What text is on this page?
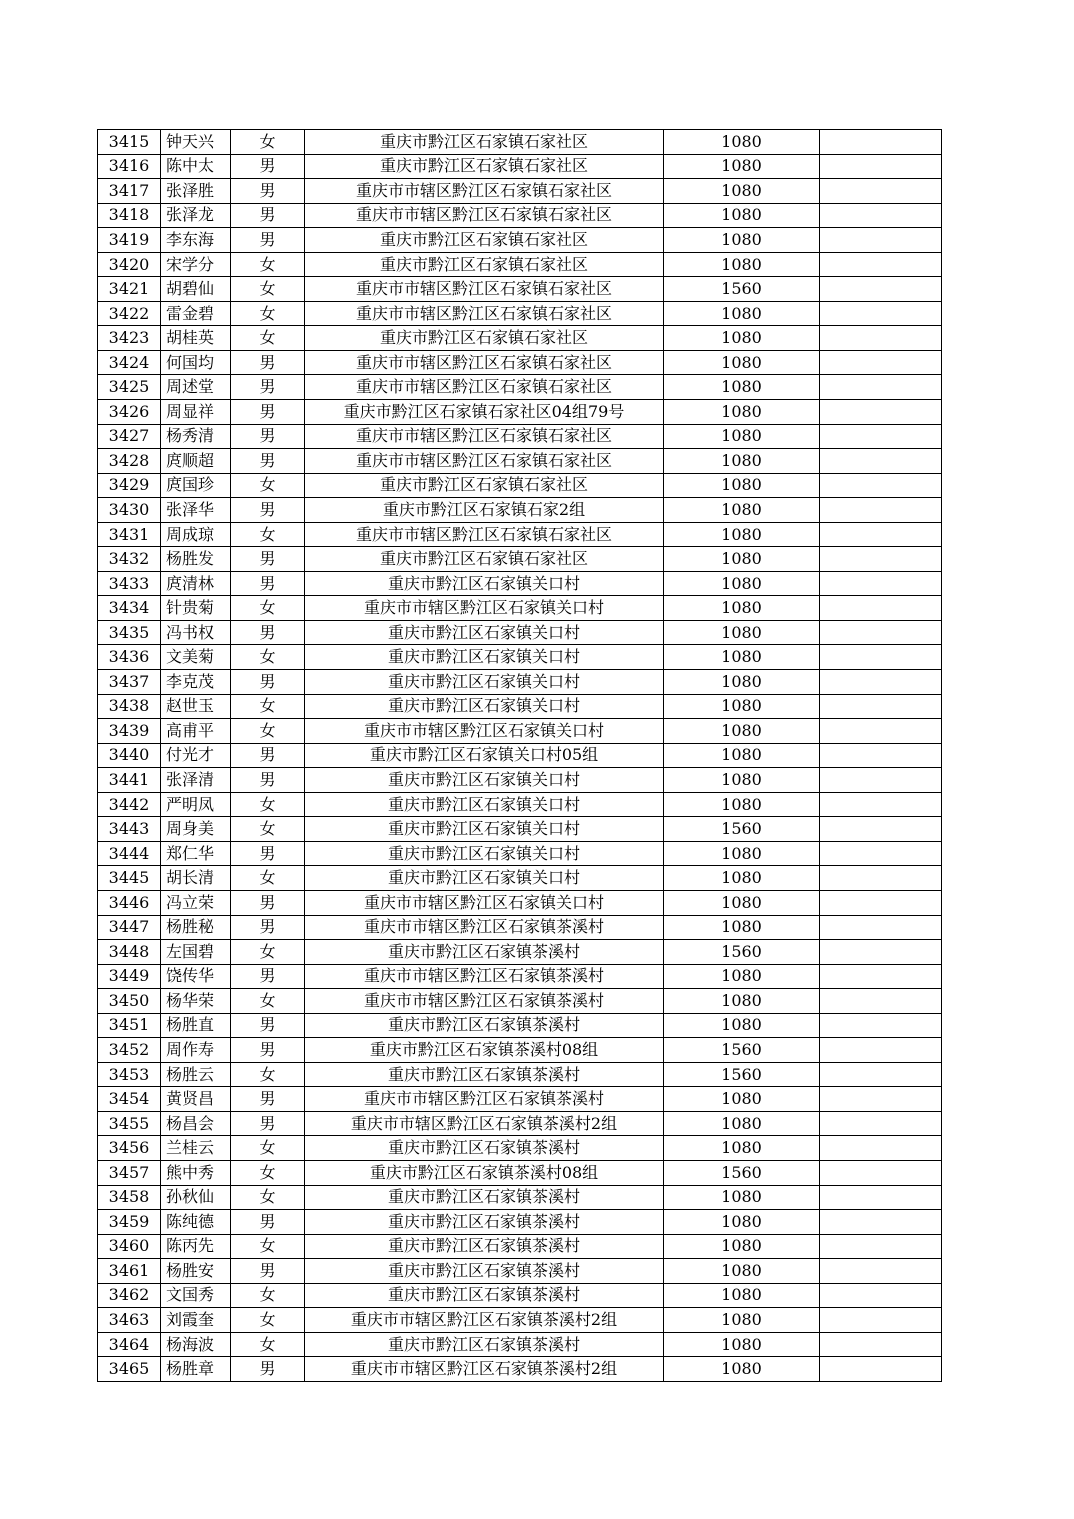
3415	钟天兴	女	重庆市黔江区石家镇石家社区	1080	
3416	陈中太	男	重庆市黔江区石家镇石家社区	1080	
3417	张泽胜	男	重庆市市辖区黔江区石家镇石家社区	1080	
3418	张泽龙	男	重庆市市辖区黔江区石家镇石家社区	1080	
3419	李东海	男	重庆市黔江区石家镇石家社区	1080	
3420	宋学分	女	重庆市黔江区石家镇石家社区	1080	
3421	胡碧仙	女	重庆市市辖区黔江区石家镇石家社区	1560	
3422	雷金碧	女	重庆市市辖区黔江区石家镇石家社区	1080	
3423	胡桂英	女	重庆市黔江区石家镇石家社区	1080	
3424	何国均	男	重庆市市辖区黔江区石家镇石家社区	1080	
3425	周述堂	男	重庆市市辖区黔江区石家镇石家社区	1080	
3426	周显祥	男	重庆市黔江区石家镇石家社区04组79号	1080	
3427	杨秀清	男	重庆市市辖区黔江区石家镇石家社区	1080	
3428	庹顺超	男	重庆市市辖区黔江区石家镇石家社区	1080	
3429	庹国珍	女	重庆市黔江区石家镇石家社区	1080	
3430	张泽华	男	重庆市黔江区石家镇石家2组	1080	
3431	周成琼	女	重庆市市辖区黔江区石家镇石家社区	1080	
3432	杨胜发	男	重庆市黔江区石家镇石家社区	1080	
3433	庹清林	男	重庆市黔江区石家镇关口村	1080	
3434	针贵菊	女	重庆市市辖区黔江区石家镇关口村	1080	
3435	冯书权	男	重庆市黔江区石家镇关口村	1080	
3436	文美菊	女	重庆市黔江区石家镇关口村	1080	
3437	李克茂	男	重庆市黔江区石家镇关口村	1080	
3438	赵世玉	女	重庆市黔江区石家镇关口村	1080	
3439	高甫平	女	重庆市市辖区黔江区石家镇关口村	1080	
3440	付光才	男	重庆市黔江区石家镇关口村05组	1080	
3441	张泽清	男	重庆市黔江区石家镇关口村	1080	
3442	严明凤	女	重庆市黔江区石家镇关口村	1080	
3443	周身美	女	重庆市黔江区石家镇关口村	1560	
3444	郑仁华	男	重庆市黔江区石家镇关口村	1080	
3445	胡长清	女	重庆市黔江区石家镇关口村	1080	
3446	冯立荣	男	重庆市市辖区黔江区石家镇关口村	1080	
3447	杨胜秘	男	重庆市市辖区黔江区石家镇茶溪村	1080	
3448	左国碧	女	重庆市黔江区石家镇茶溪村	1560	
3449	饶传华	男	重庆市市辖区黔江区石家镇茶溪村	1080	
3450	杨华荣	女	重庆市市辖区黔江区石家镇茶溪村	1080	
3451	杨胜直	男	重庆市黔江区石家镇茶溪村	1080	
3452	周作寿	男	重庆市黔江区石家镇茶溪村08组	1560	
3453	杨胜云	女	重庆市黔江区石家镇茶溪村	1560	
3454	黄贤昌	男	重庆市市辖区黔江区石家镇茶溪村	1080	
3455	杨昌会	男	重庆市市辖区黔江区石家镇茶溪村2组	1080	
3456	兰桂云	女	重庆市黔江区石家镇茶溪村	1080	
3457	熊中秀	女	重庆市黔江区石家镇茶溪村08组	1560	
3458	孙秋仙	女	重庆市黔江区石家镇茶溪村	1080	
3459	陈纯德	男	重庆市黔江区石家镇茶溪村	1080	
3460	陈丙先	女	重庆市黔江区石家镇茶溪村	1080	
3461	杨胜安	男	重庆市黔江区石家镇茶溪村	1080	
3462	文国秀	女	重庆市黔江区石家镇茶溪村	1080	
3463	刘霞奎	女	重庆市市辖区黔江区石家镇茶溪村2组	1080	
3464	杨海波	女	重庆市黔江区石家镇茶溪村	1080	
3465	杨胜章	男	重庆市市辖区黔江区石家镇茶溪村2组	1080	
